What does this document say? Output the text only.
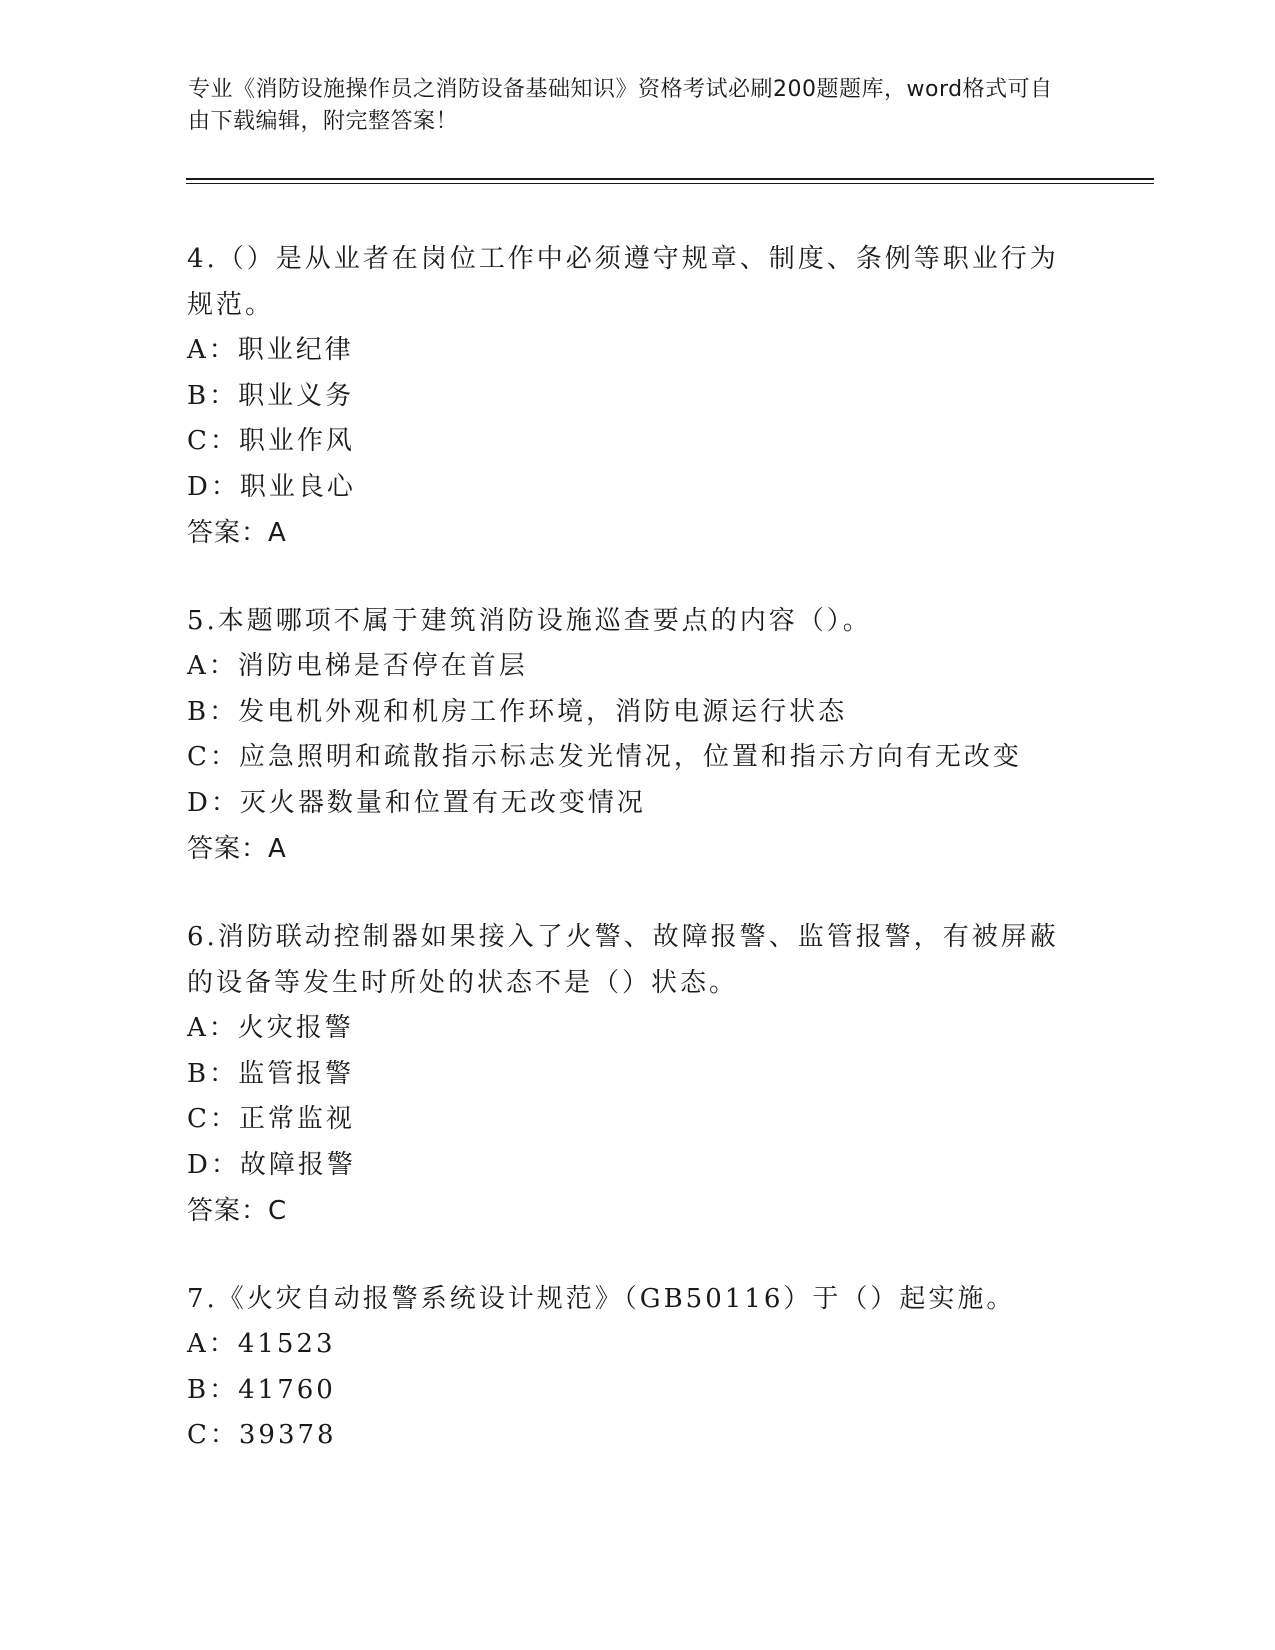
专业《消防设施操作员之消防设备基础知识》资格考试必刷200题题库，word格式可自由下载编辑，附完整答案！
4.（）是从业者在岗位工作中必须遵守规章、制度、条例等职业行为规范。
A：职业纪律
B：职业义务
C：职业作风
D：职业良心
答案：A
5.本题哪项不属于建筑消防设施巡查要点的内容（）。
A：消防电梯是否停在首层
B：发电机外观和机房工作环境，消防电源运行状态
C：应急照明和疏散指示标志发光情况，位置和指示方向有无改变
D：灭火器数量和位置有无改变情况
答案：A
6.消防联动控制器如果接入了火警、故障报警、监管报警，有被屏蔽的设备等发生时所处的状态不是（）状态。
A：火灾报警
B：监管报警
C：正常监视
D：故障报警
答案：C
7.《火灾自动报警系统设计规范》（GB50116）于（）起实施。
A：41523
B：41760
C：39378
